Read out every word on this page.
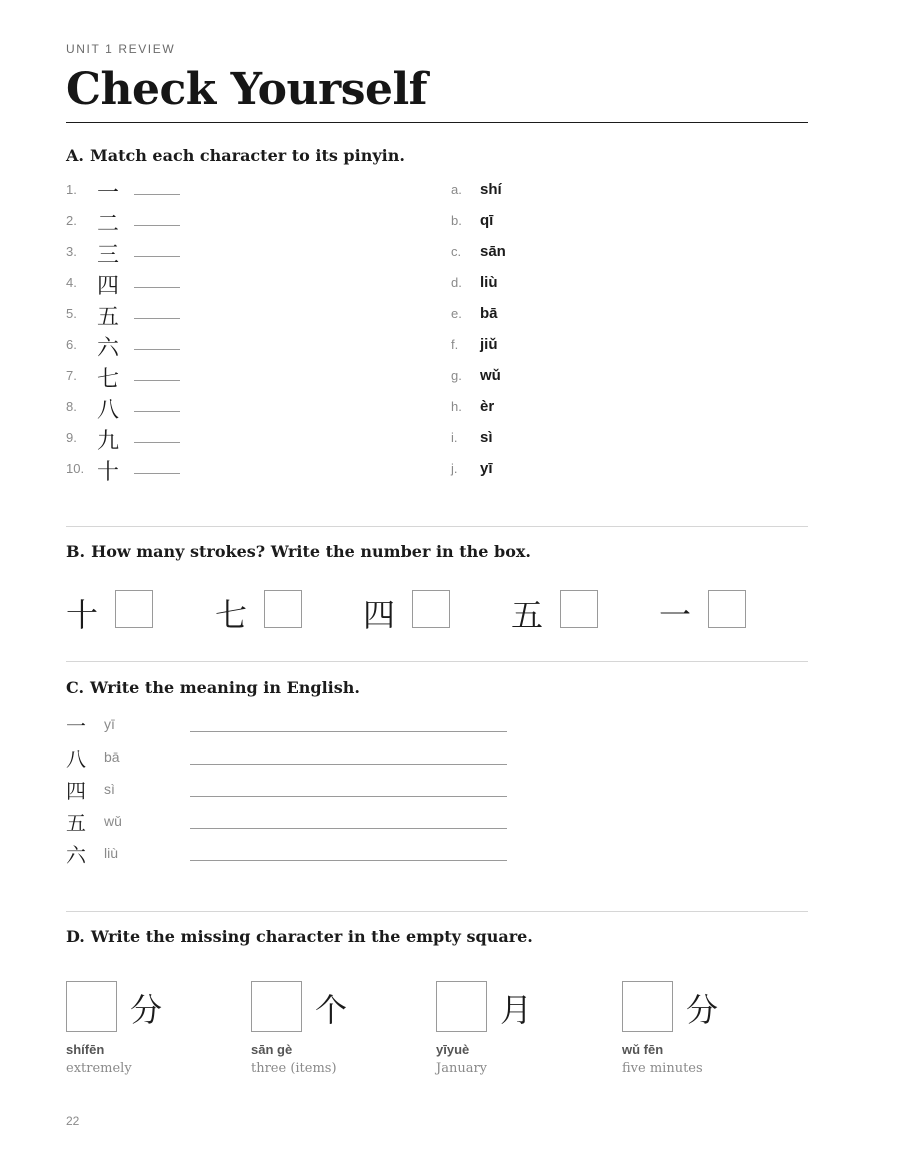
UNIT 1 REVIEW
Check Yourself
A. Match each character to its pinyin.
1. 一	a. shí
2. 二	b. qī
3. 三	c. sān
4. 四	d. liù
5. 五	e. bā
6. 六	f. jiǔ
7. 七	g. wǔ
8. 八	h. èr
9. 九	i. sì
10. 十	j. yī
B. How many strokes? Write the number in the box.
十	七	四	五	一
C. Write the meaning in English.
一 yī
八 bā
四 sì
五 wǔ
六 liù
D. Write the missing character in the empty square.
分
shífēn
extremely
个
sān gè
three (items)
月
yīyuè
January
分
wǔ fēn
five minutes
22
